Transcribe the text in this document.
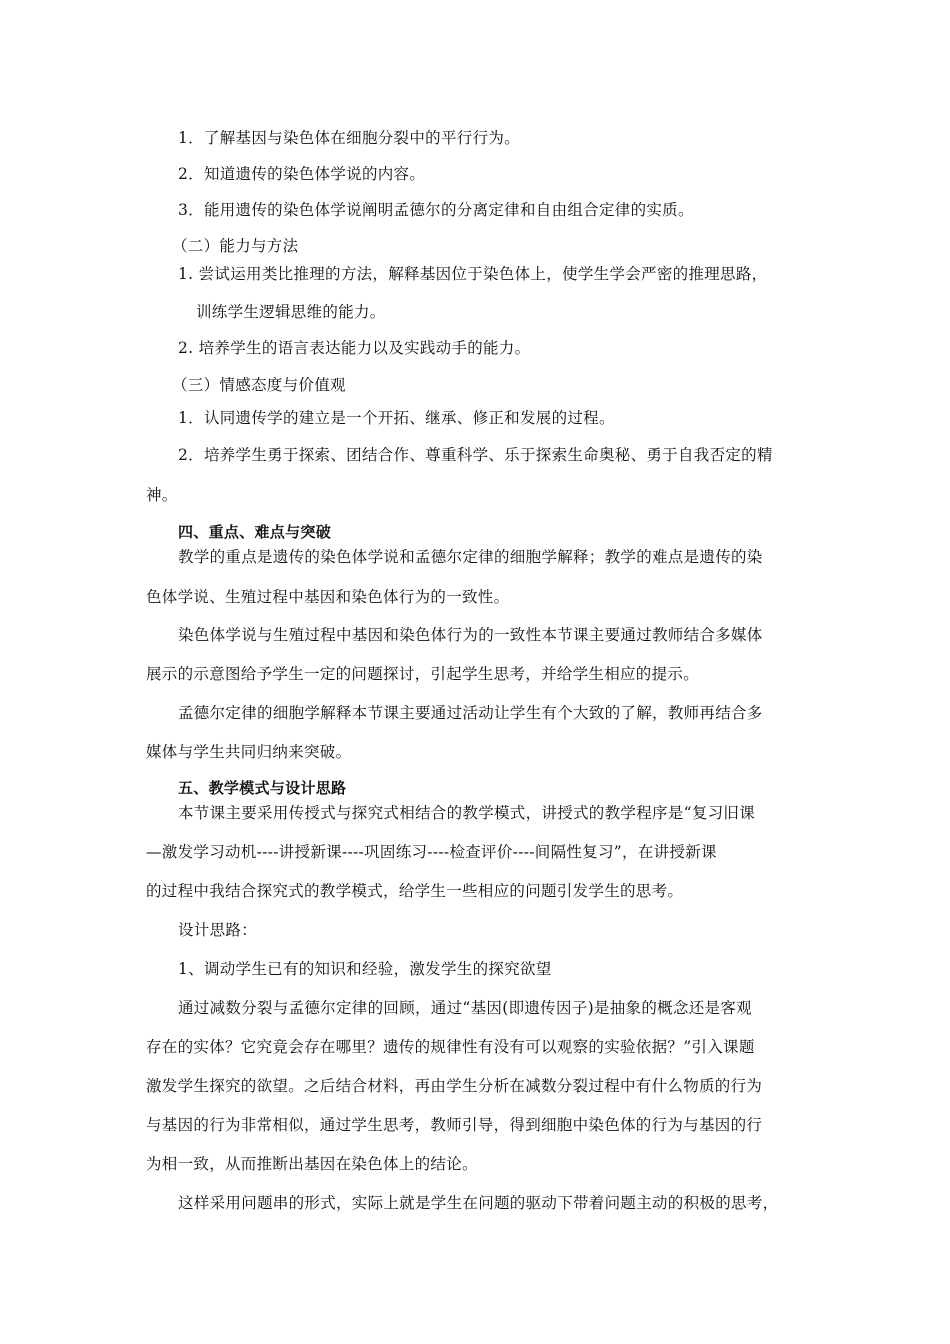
1．了解基因与染色体在细胞分裂中的平行行为。
2．知道遗传的染色体学说的内容。
3．能用遗传的染色体学说阐明孟德尔的分离定律和自由组合定律的实质。
（二）能力与方法
1. 尝试运用类比推理的方法，解释基因位于染色体上，使学生学会严密的推理思路，
训练学生逻辑思维的能力。
2. 培养学生的语言表达能力以及实践动手的能力。
（三）情感态度与价值观
1．认同遗传学的建立是一个开拓、继承、修正和发展的过程。
2．培养学生勇于探索、团结合作、尊重科学、乐于探索生命奥秘、勇于自我否定的精
神。
四、重点、难点与突破
教学的重点是遗传的染色体学说和孟德尔定律的细胞学解释；教学的难点是遗传的染
色体学说、生殖过程中基因和染色体行为的一致性。
染色体学说与生殖过程中基因和染色体行为的一致性本节课主要通过教师结合多媒体
展示的示意图给予学生一定的问题探讨，引起学生思考，并给学生相应的提示。
孟德尔定律的细胞学解释本节课主要通过活动让学生有个大致的了解，教师再结合多
媒体与学生共同归纳来突破。
五、教学模式与设计思路
本节课主要采用传授式与探究式相结合的教学模式，讲授式的教学程序是“复习旧课
—激发学习动机----讲授新课----巩固练习----检查评价----间隔性复习”，在讲授新课
的过程中我结合探究式的教学模式，给学生一些相应的问题引发学生的思考。
设计思路：
1、调动学生已有的知识和经验，激发学生的探究欲望
通过减数分裂与孟德尔定律的回顾，通过“基因(即遗传因子)是抽象的概念还是客观
存在的实体？它究竟会存在哪里？遗传的规律性有没有可以观察的实验依据？”引入课题
激发学生探究的欲望。之后结合材料，再由学生分析在减数分裂过程中有什么物质的行为
与基因的行为非常相似，通过学生思考，教师引导，得到细胞中染色体的行为与基因的行
为相一致，从而推断出基因在染色体上的结论。
这样采用问题串的形式，实际上就是学生在问题的驱动下带着问题主动的积极的思考，
